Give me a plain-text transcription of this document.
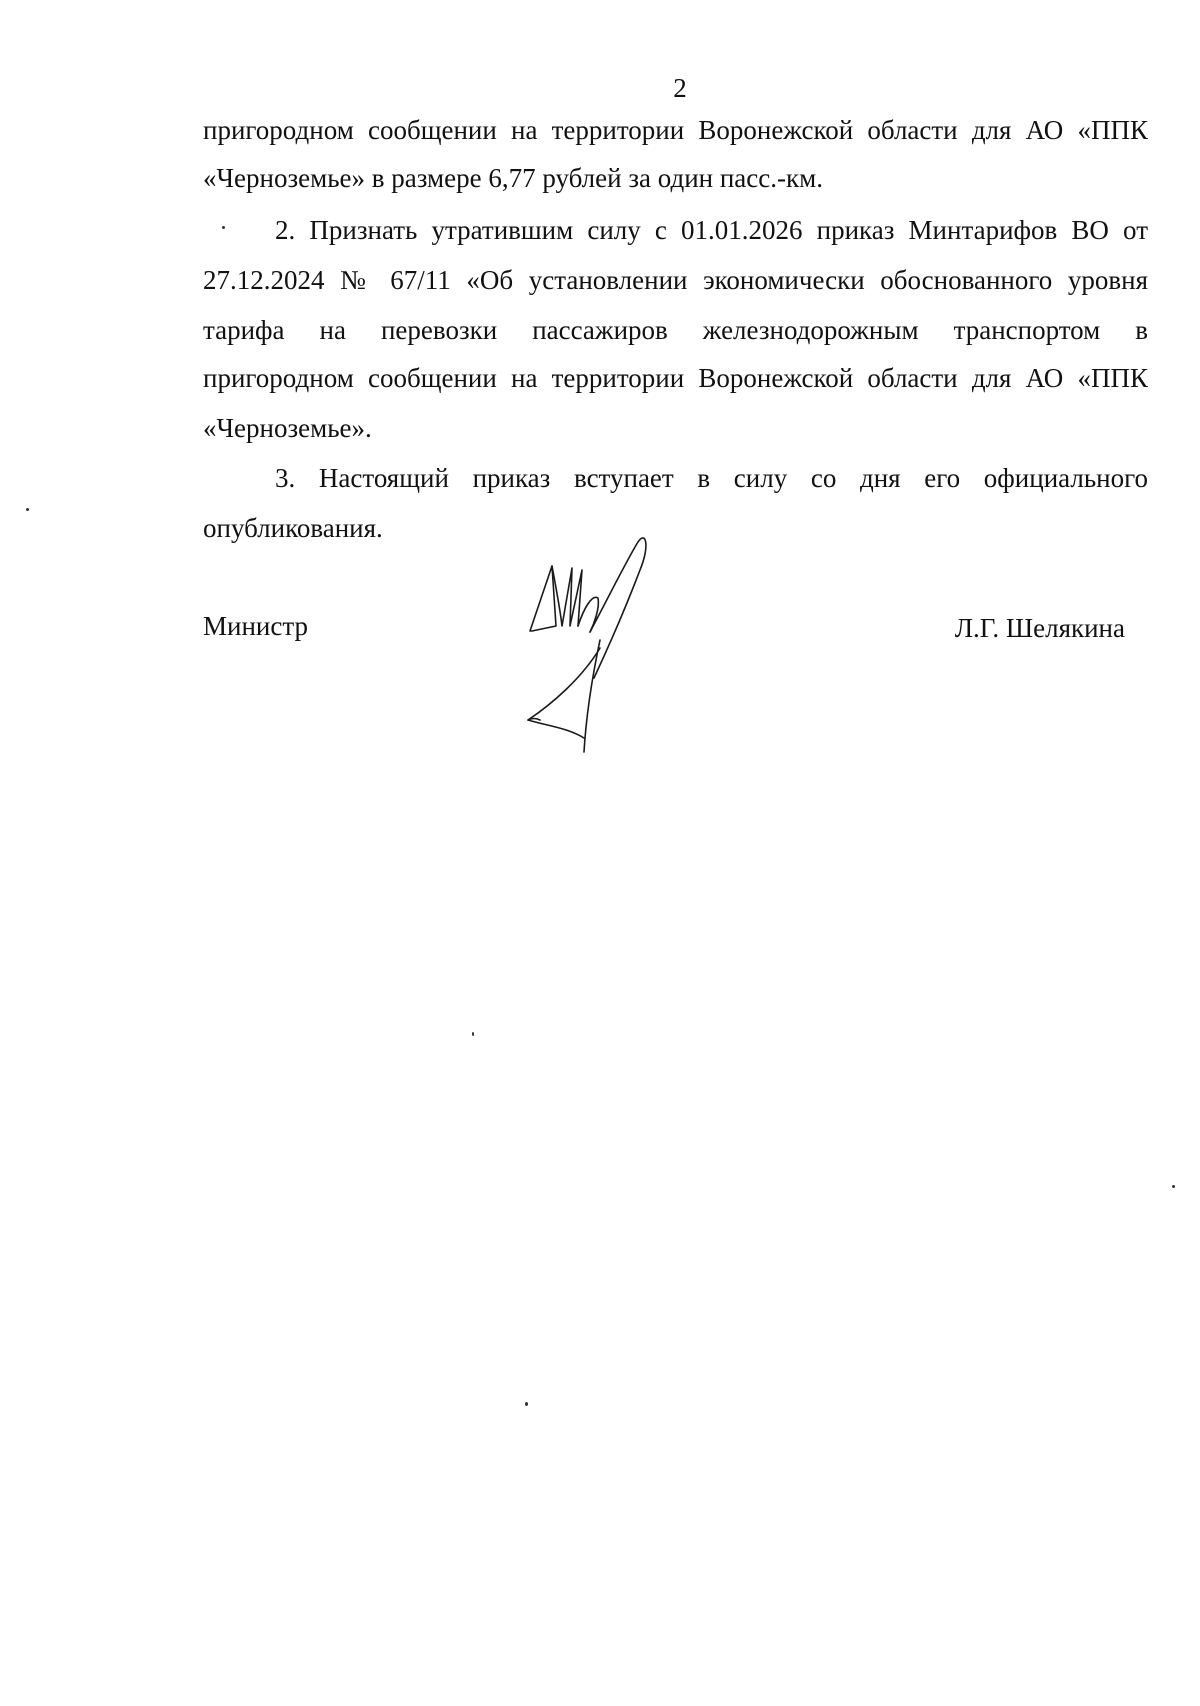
2
пригородном сообщении на территории Воронежской области для АО «ППК
«Черноземье» в размере 6,77 рублей за один пасс.-км.
2. Признать утратившим силу с 01.01.2026 приказ Минтарифов ВО от
27.12.2024 № 67/11 «Об установлении экономически обоснованного уровня
тарифа на перевозки пассажиров железнодорожным транспортом в
пригородном сообщении на территории Воронежской области для АО «ППК
«Черноземье».
3. Настоящий приказ вступает в силу со дня его официального
опубликования.
Министр	Л.Г. Шелякина
